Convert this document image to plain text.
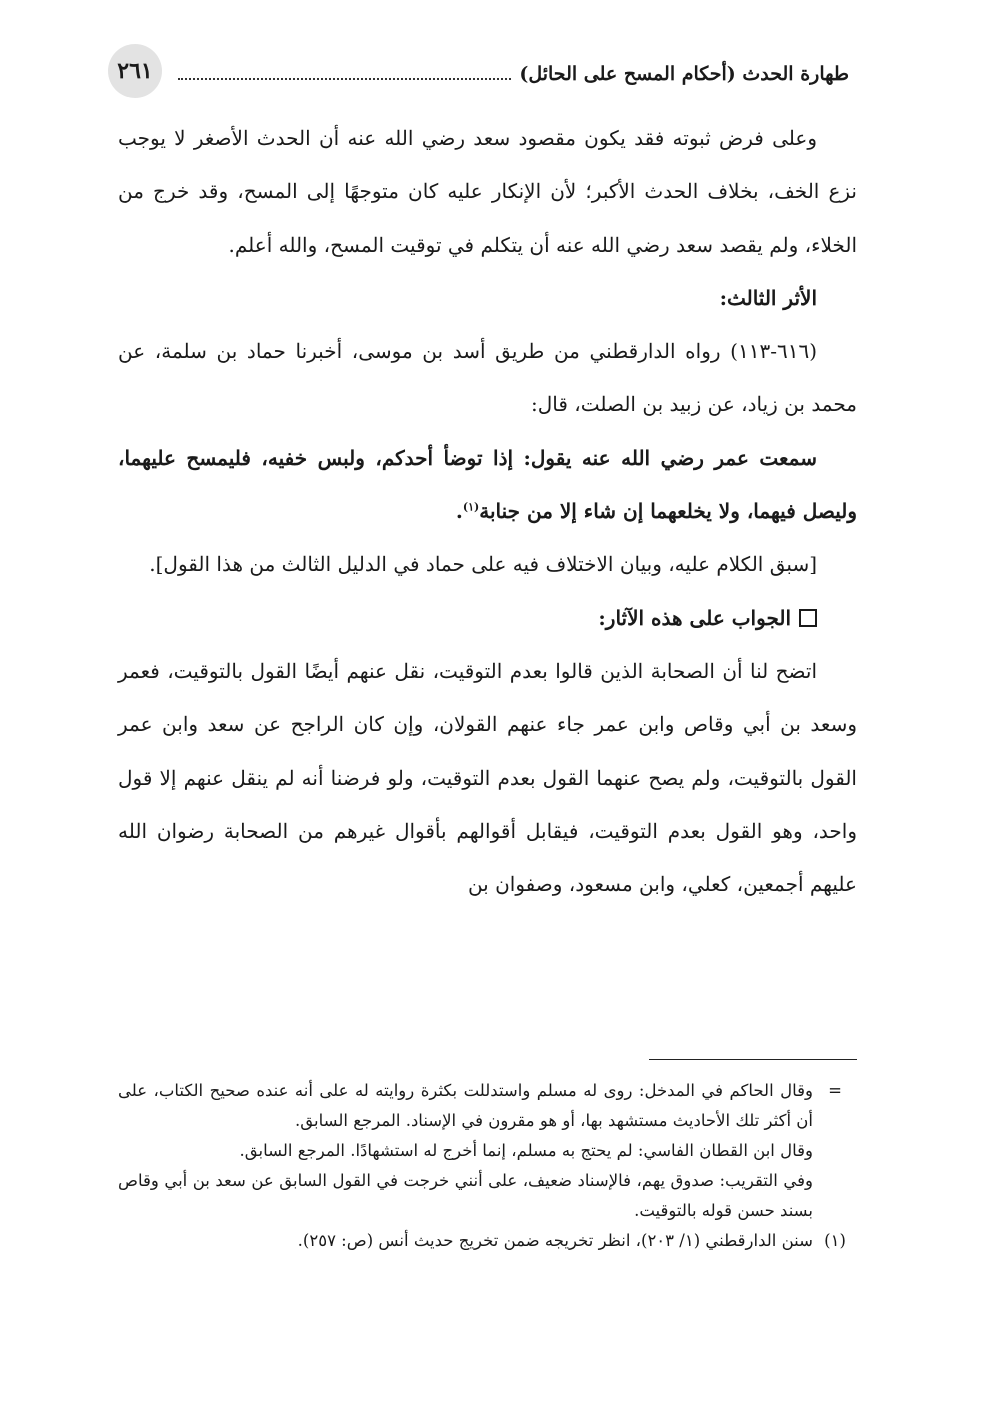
٢٦١	طهارة الحدث (أحكام المسح على الحائل)

وعلى فرض ثبوته فقد يكون مقصود سعد رضي الله عنه أن الحدث الأصغر لا يوجب نزع الخف، بخلاف الحدث الأكبر؛ لأن الإنكار عليه كان متوجهًا إلى المسح، وقد خرج من الخلاء، ولم يقصد سعد رضي الله عنه أن يتكلم في توقيت المسح، والله أعلم.

الأثر الثالث:

(٦١٦-١١٣) رواه الدارقطني من طريق أسد بن موسى، أخبرنا حماد بن سلمة، عن محمد بن زياد، عن زبيد بن الصلت، قال:

سمعت عمر رضي الله عنه يقول: إذا توضأ أحدكم، ولبس خفيه، فليمسح عليهما، وليصل فيهما، ولا يخلعهما إن شاء إلا من جنابة$^{(١)}$.

[سبق الكلام عليه، وبيان الاختلاف فيه على حماد في الدليل الثالث من هذا القول].

الجواب على هذه الآثار:

اتضح لنا أن الصحابة الذين قالوا بعدم التوقيت، نقل عنهم أيضًا القول بالتوقيت، فعمر وسعد بن أبي وقاص وابن عمر جاء عنهم القولان، وإن كان الراجح عن سعد وابن عمر القول بالتوقيت، ولم يصح عنهما القول بعدم التوقيت، ولو فرضنا أنه لم ينقل عنهم إلا قول واحد، وهو القول بعدم التوقيت، فيقابل أقوالهم بأقوال غيرهم من الصحابة رضوان الله عليهم أجمعين، كعلي، وابن مسعود، وصفوان بن

=
وقال الحاكم في المدخل: روى له مسلم واستدللت بكثرة روايته له على أنه عنده صحيح الكتاب، على أن أكثر تلك الأحاديث مستشهد بها، أو هو مقرون في الإسناد. المرجع السابق.

وقال ابن القطان الفاسي: لم يحتج به مسلم، إنما أخرج له استشهادًا. المرجع السابق.

وفي التقريب: صدوق يهم، فالإسناد ضعيف، على أنني خرجت في القول السابق عن سعد بن أبي وقاص بسند حسن قوله بالتوقيت.

(١)
سنن الدارقطني (١/ ٢٠٣)، انظر تخريجه ضمن تخريج حديث أنس (ص: ٢٥٧).
